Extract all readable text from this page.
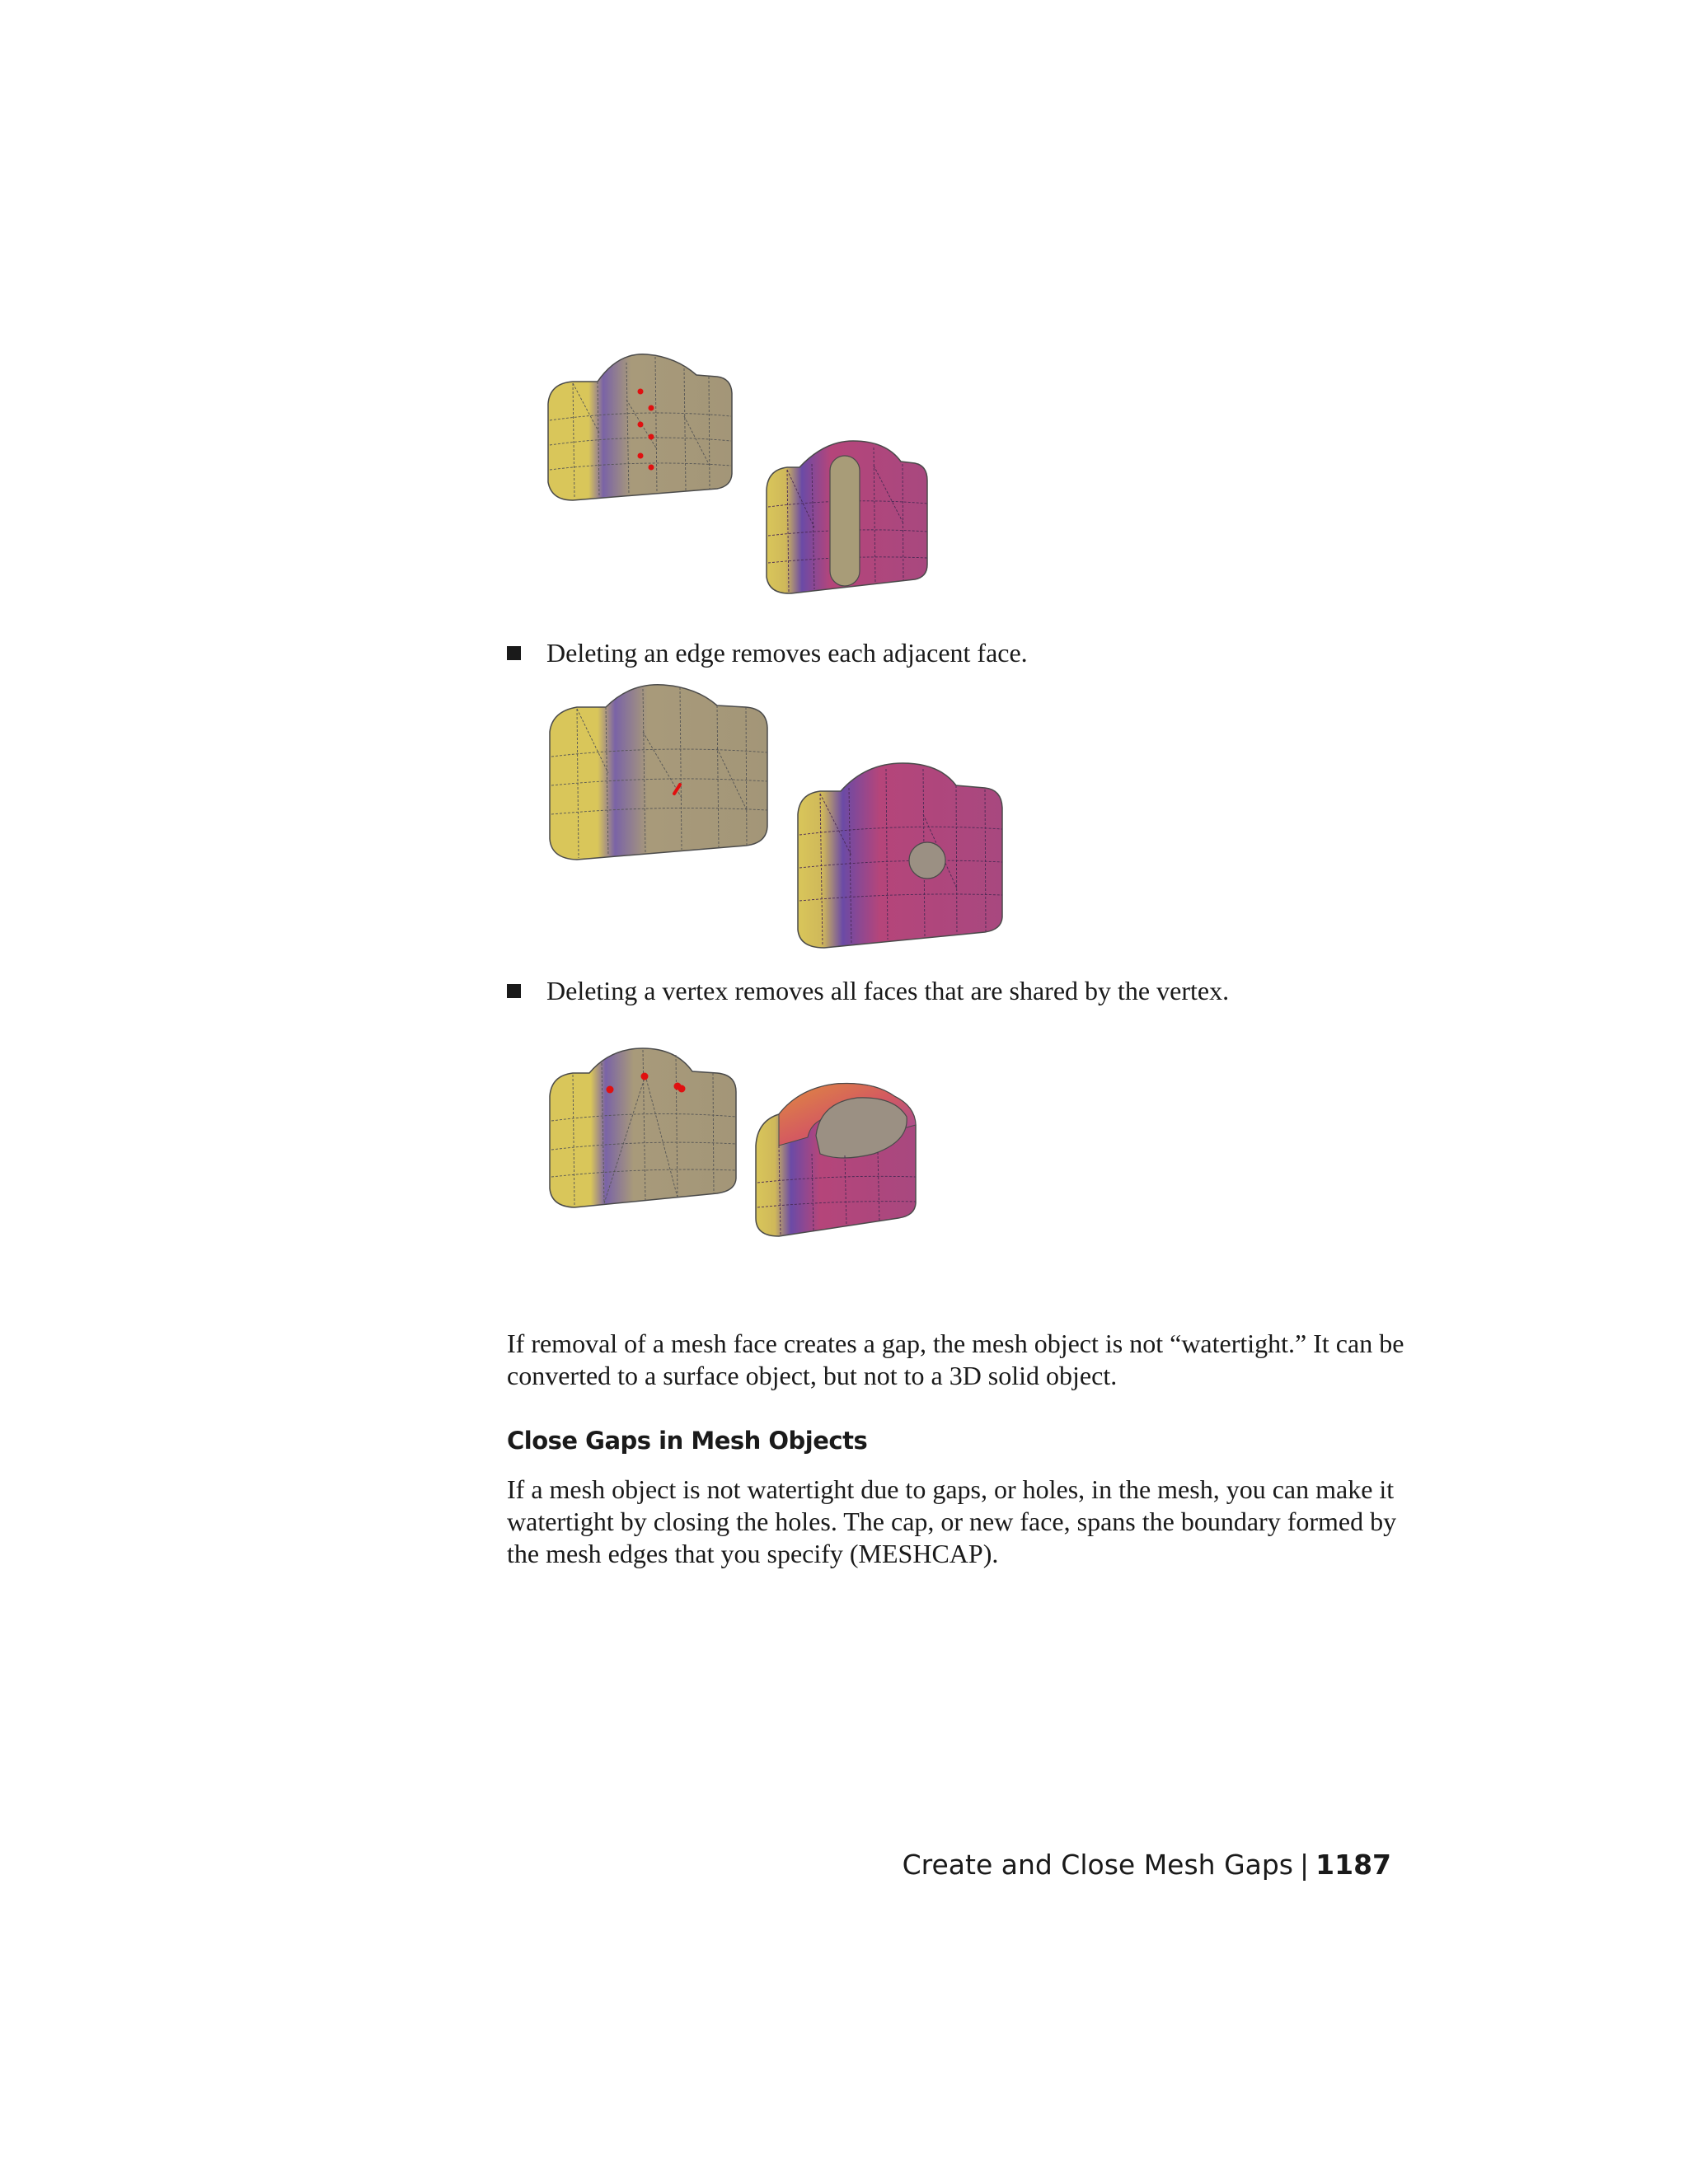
Deleting an edge removes each adjacent face.
Deleting a vertex removes all faces that are shared by the vertex.

If removal of a mesh face creates a gap, the mesh object is not “watertight.” It can be converted to a surface object, but not to a 3D solid object.

Close Gaps in Mesh Objects

If a mesh object is not watertight due to gaps, or holes, in the mesh, you can make it watertight by closing the holes. The cap, or new face, spans the boundary formed by the mesh edges that you specify (MESHCAP).

Create and Close Mesh Gaps | 1187
